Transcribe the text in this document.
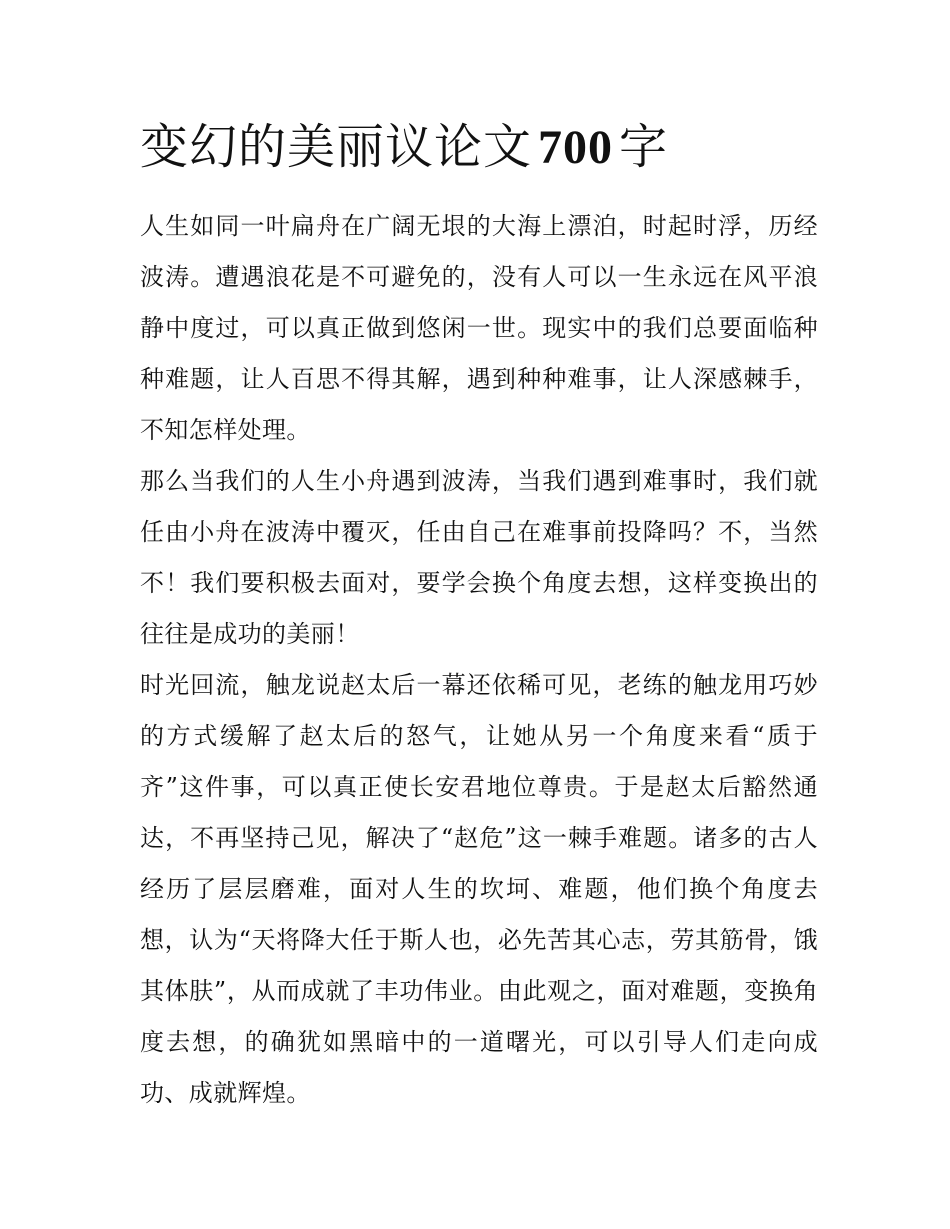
变幻的美丽议论文 700 字

人生如同一叶扁舟在广阔无垠的大海上漂泊，时起时浮，历经波涛。遭遇浪花是不可避免的，没有人可以一生永远在风平浪静中度过，可以真正做到悠闲一世。现实中的我们总要面临种种难题，让人百思不得其解，遇到种种难事，让人深感棘手，不知怎样处理。

那么当我们的人生小舟遇到波涛，当我们遇到难事时，我们就任由小舟在波涛中覆灭，任由自己在难事前投降吗？不，当然不！我们要积极去面对，要学会换个角度去想，这样变换出的往往是成功的美丽！

时光回流，触龙说赵太后一幕还依稀可见，老练的触龙用巧妙的方式缓解了赵太后的怒气，让她从另一个角度来看“质于齐”这件事，可以真正使长安君地位尊贵。于是赵太后豁然通达，不再坚持己见，解决了“赵危”这一棘手难题。诸多的古人经历了层层磨难，面对人生的坎坷、难题，他们换个角度去想，认为“天将降大任于斯人也，必先苦其心志，劳其筋骨，饿其体肤”，从而成就了丰功伟业。由此观之，面对难题，变换角度去想，的确犹如黑暗中的一道曙光，可以引导人们走向成功、成就辉煌。
